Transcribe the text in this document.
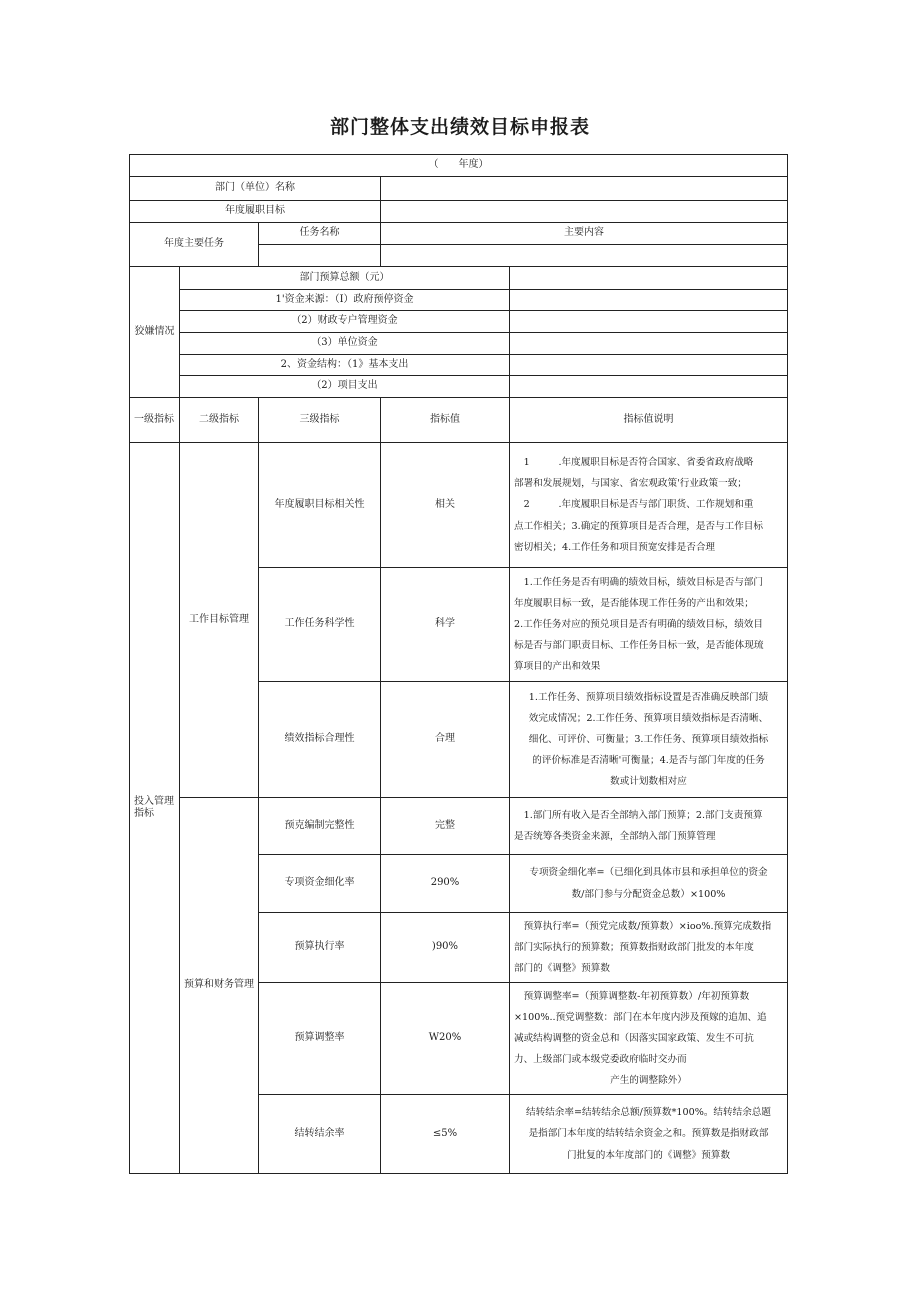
部门整体支出绩效目标申报表
（　　年度）				
部门（单位）名称				
年度履职目标				
年度主要任务		任务名称	主要内容	

狡嫌情况	部门预算总额（元）			
	1'资金来源：（I）政府预停资金			
	（2）财政专户管理资金			
	（3）单位资金			
	2、资金结构：（1》基本支出			
	（2）项目支出			
一级指标	二级指标	三级指标	指标值	指标值说明
投入管理指标	工作目标管理	年度履职目标相关性	相关	1　　　.年度履职目标是否符合国家、省委省政府战略
部署和发展规划，与国家、省宏观政策'行业政策一致；
2　　　.年度履职目标是否与部门职货、工作规划和重
点工作相关；3.确定的预算项目是否合理，是否与工作目标
密切相关；4.工作任务和项目预宽安排是否合理

		工作任务科学性	科学	1.工作任务是否有明确的绩效目标，绩效目标是否与部门
年度履职目标一致，是否能体现工作任务的产出和效果；
2.工作任务对应的预兑项目是否有明确的绩效目标，绩效目
标是否与部门职责目标、工作任务目标一致，是否能体现琉
算项目的产出和效果

		绩效指标合理性	合理	1.工作任务、预算项目绩效指标设置是否准确反映部门绩
效完成情况；2.工作任务、预算项目绩效指标是否清晰、
细化、可评价、可衡量；3.工作任务、预算项目绩效指标
的评价标准是否清晰'可衡量；4.是否与部门年度的任务
数或计划数相对应

	预算和财务管理	预克编制完整性	完整	1.部门所有收入是否全部纳入部门预算；2.部门支责预算
是否统筹各类资金来源，全部纳入部门预算管理

		专项资金细化率	290%	专项资金细化率=（已细化到具体市县和承担单位的资金
数/部门参与分配资金总数）×100%

		预算执行率	)90%	预算执行率=（预党完成数/预算数）×ioo%.预算完成数指
部门实际执行的预算数；预算数指财政部门批发的本年度
部门的《调整》预算数

		预算调整率	W20%	预算调整率=（预算调整数-年初预算数）/年初预算数
×100%..预党调整数：部门在本年度内涉及预嫁的追加、追
减或结构调整的资金总和（因落实国家政策、发生不可抗
力、上级部门或本级党委政府临时交办而
产生的调整除外）

		结转结余率	≤5%	结转结余率=结转结余总额/预算数*100%。结转结余总题
是指部门本年度的结转结余资金之和。预算数是指财政部
门批复的本年度部门的《调整》预算数
